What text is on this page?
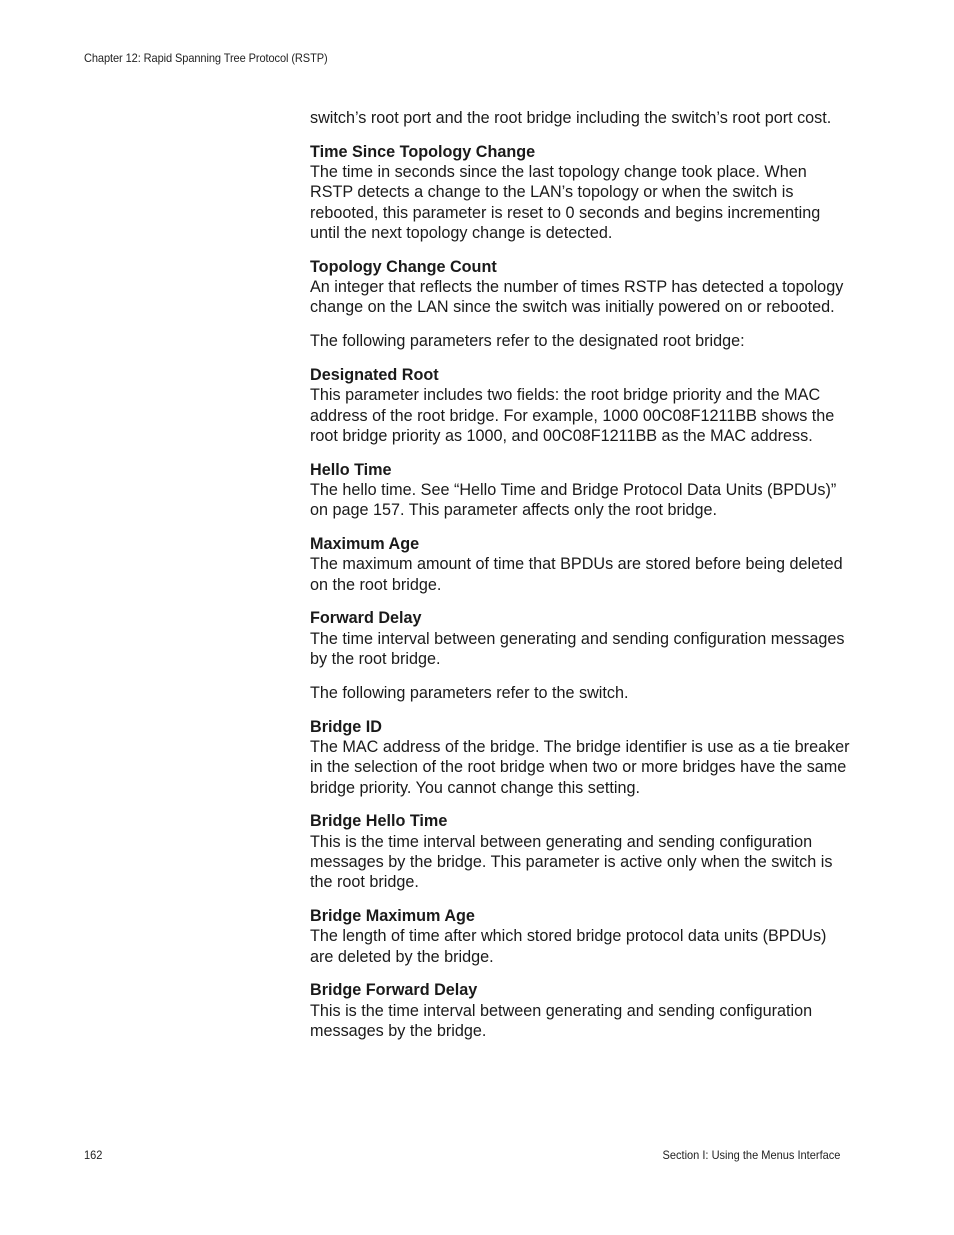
Chapter 12: Rapid Spanning Tree Protocol (RSTP)

switch’s root port and the root bridge including the switch’s root port cost.

Time Since Topology Change
The time in seconds since the last topology change took place. When RSTP detects a change to the LAN’s topology or when the switch is rebooted, this parameter is reset to 0 seconds and begins incrementing until the next topology change is detected.
Topology Change Count
An integer that reflects the number of times RSTP has detected a topology change on the LAN since the switch was initially powered on or rebooted.

The following parameters refer to the designated root bridge:

Designated Root
This parameter includes two fields: the root bridge priority and the MAC address of the root bridge. For example, 1000 00C08F1211BB shows the root bridge priority as 1000, and 00C08F1211BB as the MAC address.
Hello Time
The hello time. See “Hello Time and Bridge Protocol Data Units (BPDUs)” on page 157. This parameter affects only the root bridge.
Maximum Age
The maximum amount of time that BPDUs are stored before being deleted on the root bridge.
Forward Delay
The time interval between generating and sending configuration messages by the root bridge.

The following parameters refer to the switch.

Bridge ID
The MAC address of the bridge. The bridge identifier is use as a tie breaker in the selection of the root bridge when two or more bridges have the same bridge priority. You cannot change this setting.
Bridge Hello Time
This is the time interval between generating and sending configuration messages by the bridge. This parameter is active only when the switch is the root bridge.
Bridge Maximum Age
The length of time after which stored bridge protocol data units (BPDUs) are deleted by the bridge.
Bridge Forward Delay
This is the time interval between generating and sending configuration messages by the bridge.
162	Section I: Using the Menus Interface
